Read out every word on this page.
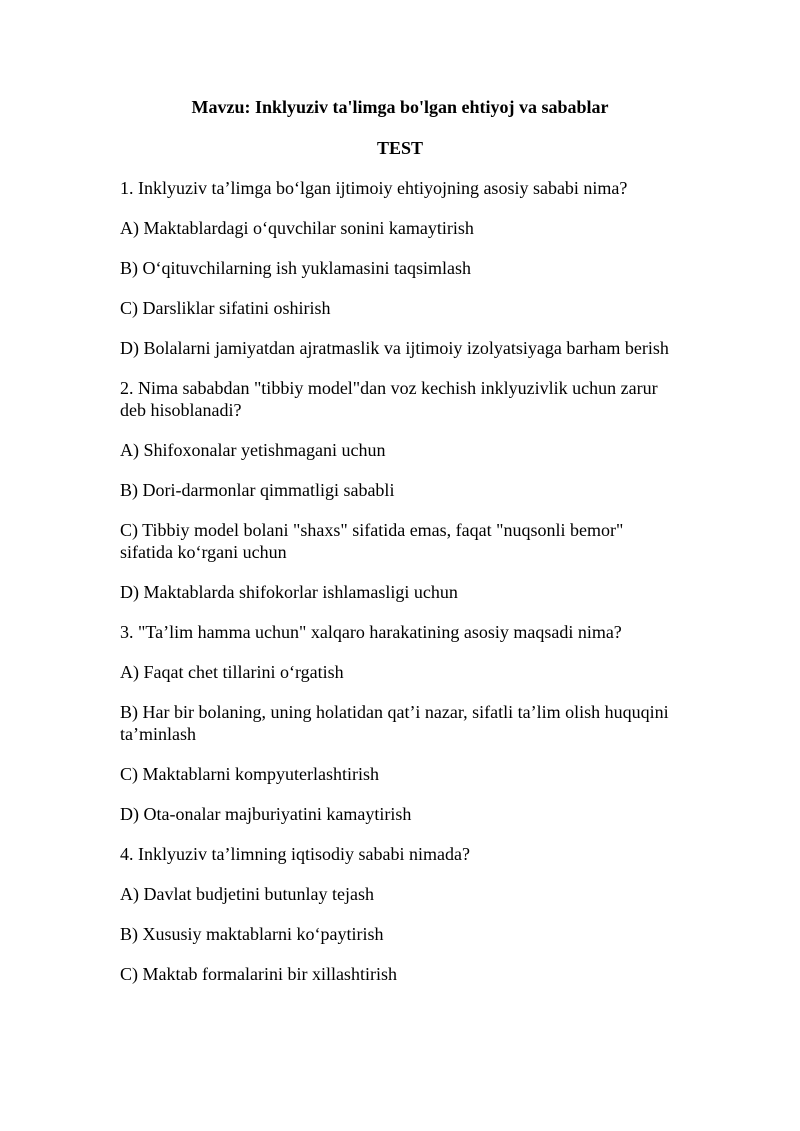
Mavzu: Inklyuziv ta'limga bo'lgan ehtiyoj va sabablar

TEST

1. Inklyuziv ta’limga bo‘lgan ijtimoiy ehtiyojning asosiy sababi nima?

A) Maktablardagi o‘quvchilar sonini kamaytirish

B) O‘qituvchilarning ish yuklamasini taqsimlash

C) Darsliklar sifatini oshirish

D) Bolalarni jamiyatdan ajratmaslik va ijtimoiy izolyatsiyaga barham berish

2. Nima sababdan "tibbiy model"dan voz kechish inklyuzivlik uchun zarur deb hisoblanadi?

A) Shifoxonalar yetishmagani uchun

B) Dori-darmonlar qimmatligi sababli

C) Tibbiy model bolani "shaxs" sifatida emas, faqat "nuqsonli bemor" sifatida ko‘rgani uchun

D) Maktablarda shifokorlar ishlamasligi uchun

3. "Ta’lim hamma uchun" xalqaro harakatining asosiy maqsadi nima?

A) Faqat chet tillarini o‘rgatish

B) Har bir bolaning, uning holatidan qat’i nazar, sifatli ta’lim olish huquqini ta’minlash

C) Maktablarni kompyuterlashtirish

D) Ota-onalar majburiyatini kamaytirish

4. Inklyuziv ta’limning iqtisodiy sababi nimada?

A) Davlat budjetini butunlay tejash

B) Xususiy maktablarni ko‘paytirish

C) Maktab formalarini bir xillashtirish
